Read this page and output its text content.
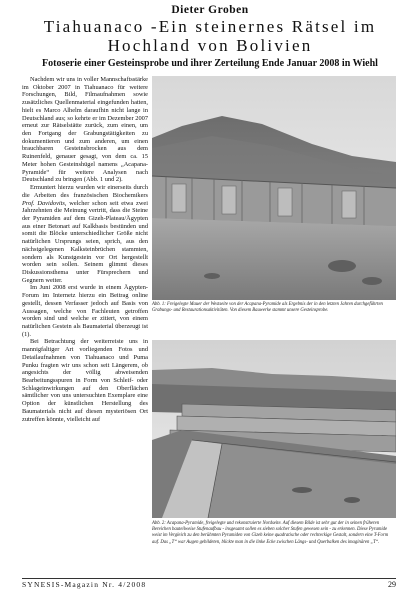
Dieter Groben
Tiahuanaco -Ein steinernes Rätsel im
Hochland von Bolivien
Fotoserie einer Gesteinsprobe und ihrer Zerteilung Ende Januar 2008 in Wiehl

Nachdem wir uns in voller Mannschaftsstärke im Oktober 2007 in Tiahuanaco für weitere Forschungen, Bild, Filmaufnahmen sowie zusätzliches Quellenmaterial eingefunden hatten, hielt es Marco Alhelm daraufhin nicht lange in Deutschland aus; so kehrte er im Dezember 2007 erneut zur Rätselstätte zurück, zum einen, um den Fortgang der Grabungstätigkeiten zu dokumentieren und zum anderen, um einen brauchbaren Gesteinsbrocken aus dem Ruinenfeld, genauer gesagt, von dem ca. 15 Meter hohen Gesteinshügel namens „Acapana-Pyramide“ für weitere Analysen nach Deutschland zu bringen (Abb. 1 und 2).

Ermuntert hierzu wurden wir einerseits durch die Arbeiten des französischen Biochemikers Prof. Davidovits, welcher schon seit etwa zwei Jahrzehnten die Meinung vertritt, dass die Steine der Pyramiden auf dem Gizeh-Plateau/Ägypten aus einer Betonart auf Kalkbasis bestünden und somit die Blöcke unterschiedlicher Größe nicht natürlichen Ursprungs seien, sprich, aus den nächstgelegenen Kalksteinbrüchen stammten, sondern als Kunstgestein vor Ort hergestellt worden sein sollen. Seinem glimmt dieses Diskussionsthema unter Fürsprechern und Gegnern weiter.

Im Juni 2008 erst wurde in einem Ägypten-Forum im Internetz hierzu ein Beitrag online gestellt, dessen Verfasser jedoch auf Basis von Aussagen, welche von Fachleuten getroffen worden sind und welche er zitiert, von einem natürlichen Gestein als Baumaterial überzeugt ist (1).

Bei Betrachtung der weiterreiste uns in mannigfaltiger Art vorliegenden Fotos und Detailaufnahmen von Tiahuanaco und Puma Punku fragten wir uns schon seit Längerem, ob angesichts der völlig abweisenden Bearbeitungsspuren in Form von Schleif- oder Schlageinwirkungen auf den Oberflächen sämtlicher von uns untersuchten Exemplare eine Option der künstlichen Herstellung des Baumaterials nicht auf diesen mysteriösen Ort zutreffen könnte, vielleicht auf

Abb. 1: Freigelegte Mauer der Westseite von der Acapana-Pyramide als Ergebnis der in den letzten Jahren durchgeführten Grabungs- und Restaurationsaktivitäten. Von diesem Bauwerke stammt unsere Gesteinsprobe.
Abb. 2: Acapana-Pyramide, freigelegte und rekonstruierte Nordseite. Auf diesem Bilde ist sehr gut der in seinen früheren Bereichen bauteilweise Stufenaufbau - insgesamt sollen es sieben solcher Stufen gewesen sein - zu erkennen. Diese Pyramide weist im Vergleich zu den berühmten Pyramiden von Gizeh keine quadratische oder rechteckige Gestalt, sondern eine T-Form auf. Das „T“ war Augen gebildeten, blickte man in die linke Ecke zwischen Längs- und Querbalken des imaginären „T“.
SYNESIS-Magazin Nr. 4/2008	29
